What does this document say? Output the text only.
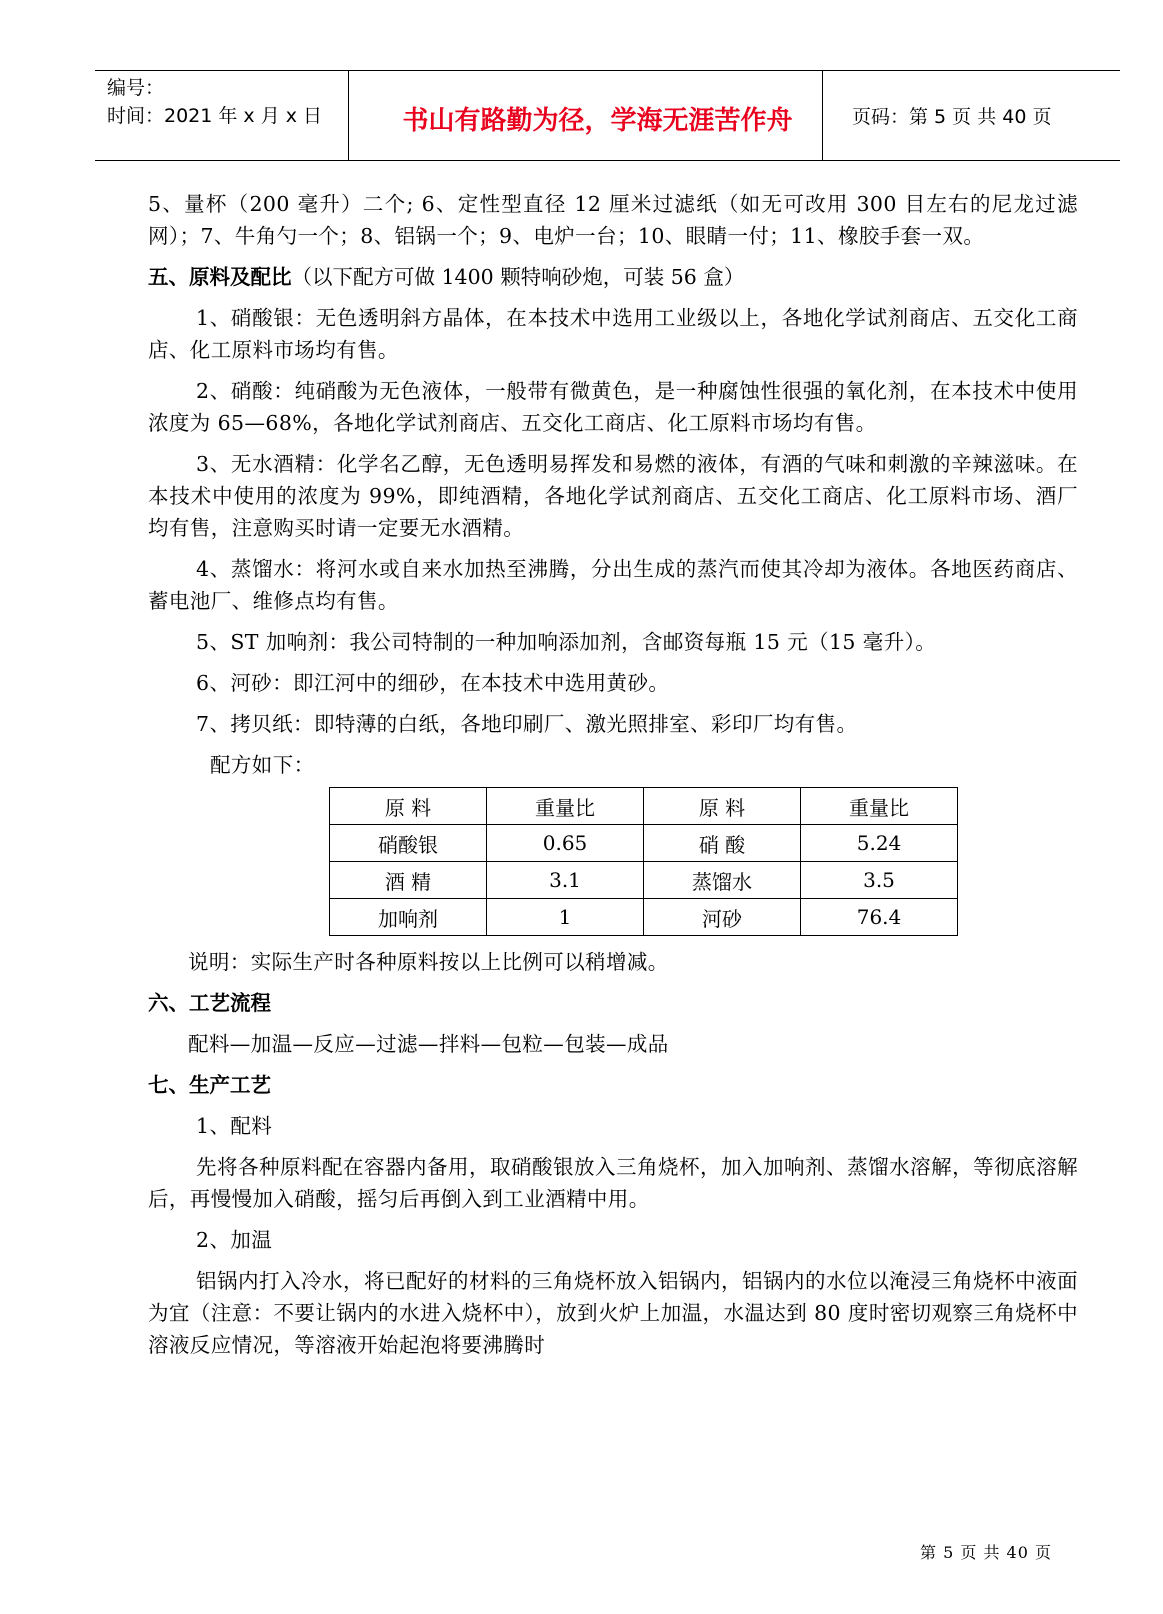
编号：
时间：2021 年 x 月 x 日	书山有路勤为径，学海无涯苦作舟	页码：第 5 页 共 40 页

5、量杯（200 毫升）二个; 6、定性型直径 12 厘米过滤纸（如无可改用 300 目左右的尼龙过滤网）；7、牛角勺一个；8、铝锅一个；9、电炉一台；10、眼睛一付；11、橡胶手套一双。

五、原料及配比（以下配方可做 1400 颗特响砂炮，可装 56 盒）

1、硝酸银：无色透明斜方晶体，在本技术中选用工业级以上，各地化学试剂商店、五交化工商店、化工原料市场均有售。

2、硝酸：纯硝酸为无色液体，一般带有微黄色，是一种腐蚀性很强的氧化剂，在本技术中使用浓度为 65—68%，各地化学试剂商店、五交化工商店、化工原料市场均有售。

3、无水酒精：化学名乙醇，无色透明易挥发和易燃的液体，有酒的气味和刺激的辛辣滋味。在本技术中使用的浓度为 99%，即纯酒精，各地化学试剂商店、五交化工商店、化工原料市场、酒厂均有售，注意购买时请一定要无水酒精。

4、蒸馏水：将河水或自来水加热至沸腾，分出生成的蒸汽而使其冷却为液体。各地医药商店、蓄电池厂、维修点均有售。

5、ST 加响剂：我公司特制的一种加响添加剂，含邮资每瓶 15 元（15 毫升）。

6、河砂：即江河中的细砂，在本技术中选用黄砂。

7、拷贝纸：即特薄的白纸，各地印刷厂、激光照排室、彩印厂均有售。

配方如下：

原 料	重量比	原 料	重量比
硝酸银	0.65	硝 酸	5.24
酒 精	3.1	蒸馏水	3.5
加响剂	1	河砂	76.4

说明：实际生产时各种原料按以上比例可以稍增减。

六、工艺流程

配料—加温—反应—过滤—拌料—包粒—包装—成品

七、生产工艺

1、配料

先将各种原料配在容器内备用，取硝酸银放入三角烧杯，加入加响剂、蒸馏水溶解，等彻底溶解后，再慢慢加入硝酸，摇匀后再倒入到工业酒精中用。

2、加温

铝锅内打入冷水，将已配好的材料的三角烧杯放入铝锅内，铝锅内的水位以淹浸三角烧杯中液面为宜（注意：不要让锅内的水进入烧杯中），放到火炉上加温，水温达到 80 度时密切观察三角烧杯中溶液反应情况，等溶液开始起泡将要沸腾时

第 5 页 共 40 页
